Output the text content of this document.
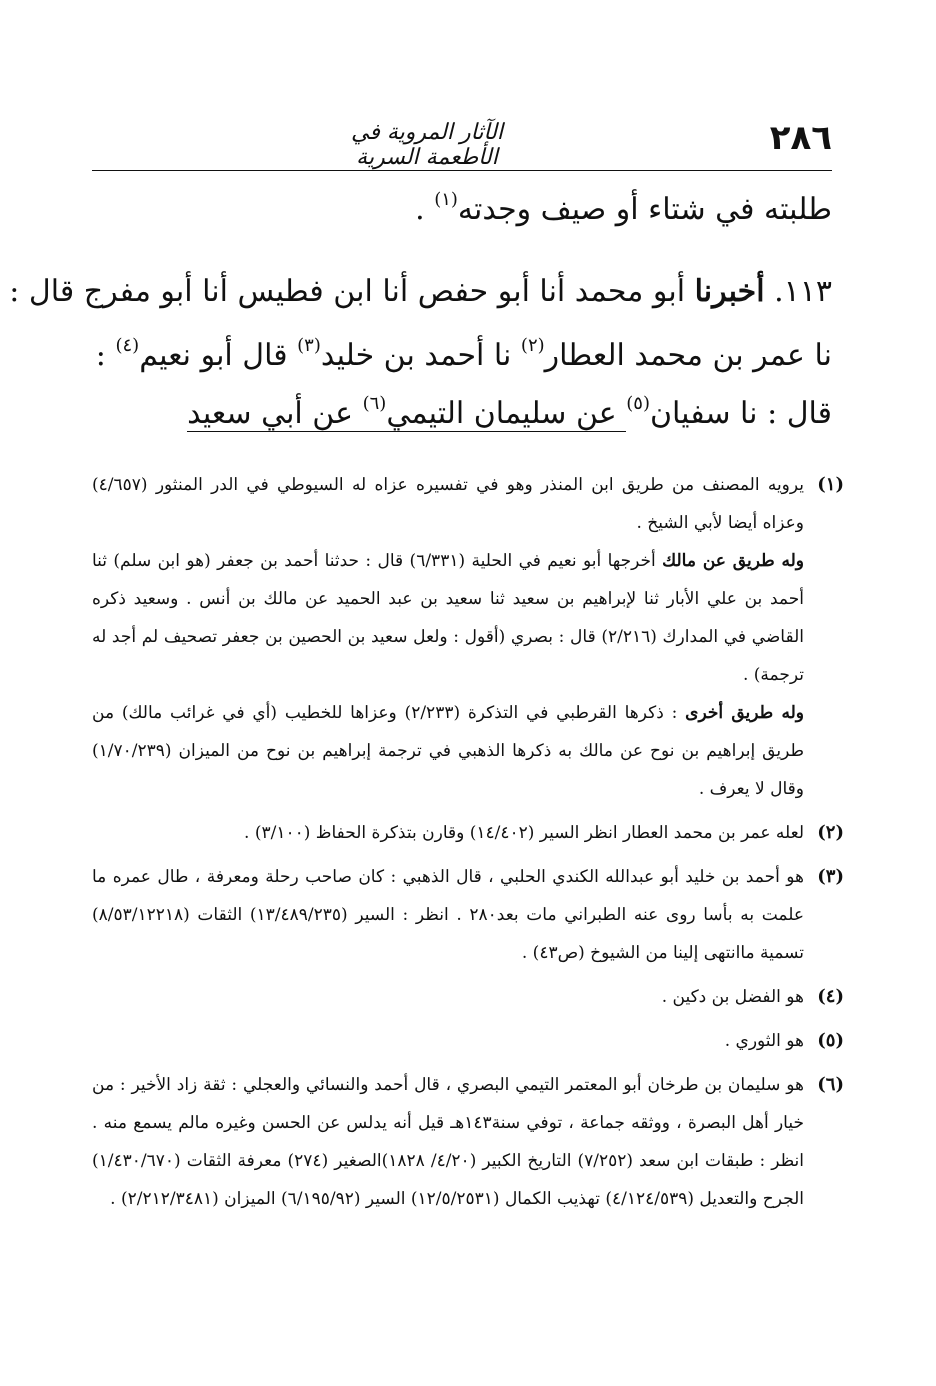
الآثار المروية في الأطعمة السرية	٢٨٦
طلبته في شتاء أو صيف وجدته$^{(١)}$ .
١١٣. أخبرنا أبو محمد أنا أبو حفص أنا ابن فطيس أنا أبو مفرج قال :
نا عمر بن محمد العطار$^{(٢)}$ نا أحمد بن خليد$^{(٣)}$ قال أبو نعيم$^{(٤)}$ :
قال : نا سفيان$^{(٥)}$ عن سليمان التيمي$^{(٦)}$ عن أبي سعيد
(١)
يرويه المصنف من طريق ابن المنذر وهو في تفسيره عزاه له السيوطي في الدر المنثور (٤/٦٥٧) وعزاه أيضا لأبي الشيخ .
وله طريق عن مالك أخرجها أبو نعيم في الحلية (٦/٣٣١) قال : حدثنا أحمد بن جعفر (هو ابن سلم) ثنا أحمد بن علي الأبار ثنا لإبراهيم بن سعيد ثنا سعيد بن عبد الحميد عن مالك بن أنس . وسعيد ذكره القاضي في المدارك (٢/٢١٦) قال : بصري (أقول : ولعل سعيد بن الحصين بن جعفر تصحيف لم أجد له ترجمة) .
وله طريق أخرى : ذكرها القرطبي في التذكرة (٢/٢٣٣) وعزاها للخطيب (أي في غرائب مالك) من طريق إبراهيم بن نوح عن مالك به ذكرها الذهبي في ترجمة إبراهيم بن نوح من الميزان (١/٧٠/٢٣٩) وقال لا يعرف .
(٢)
لعله عمر بن محمد العطار انظر السير (١٤/٤٠٢) وقارن بتذكرة الحفاظ (٣/١٠٠) .
(٣)
هو أحمد بن خليد أبو عبدالله الكندي الحلبي ، قال الذهبي : كان صاحب رحلة ومعرفة ، طال عمره ما علمت به بأسا روى عنه الطبراني مات بعد٢٨٠ . انظر : السير (١٣/٤٨٩/٢٣٥) الثقات (٨/٥٣/١٢٢١٨) تسمية ماانتهى إلينا من الشيوخ (ص٤٣) .
(٤)
هو الفضل بن دكين .
(٥)
هو الثوري .
(٦)
هو سليمان بن طرخان أبو المعتمر التيمي البصري ، قال أحمد والنسائي والعجلي : ثقة زاد الأخير : من خيار أهل البصرة ، ووثقه جماعة ، توفي سنة١٤٣هـ قيل أنه يدلس عن الحسن وغيره مالم يسمع منه . انظر : طبقات ابن سعد (٧/٢٥٢) التاريخ الكبير (٤/٢٠/ ١٨٢٨)الصغير (٢٧٤) معرفة الثقات (١/٤٣٠/٦٧٠) الجرح والتعديل (٤/١٢٤/٥٣٩) تهذيب الكمال (١٢/٥/٢٥٣١) السير (٦/١٩٥/٩٢) الميزان (٢/٢١٢/٣٤٨١) .
